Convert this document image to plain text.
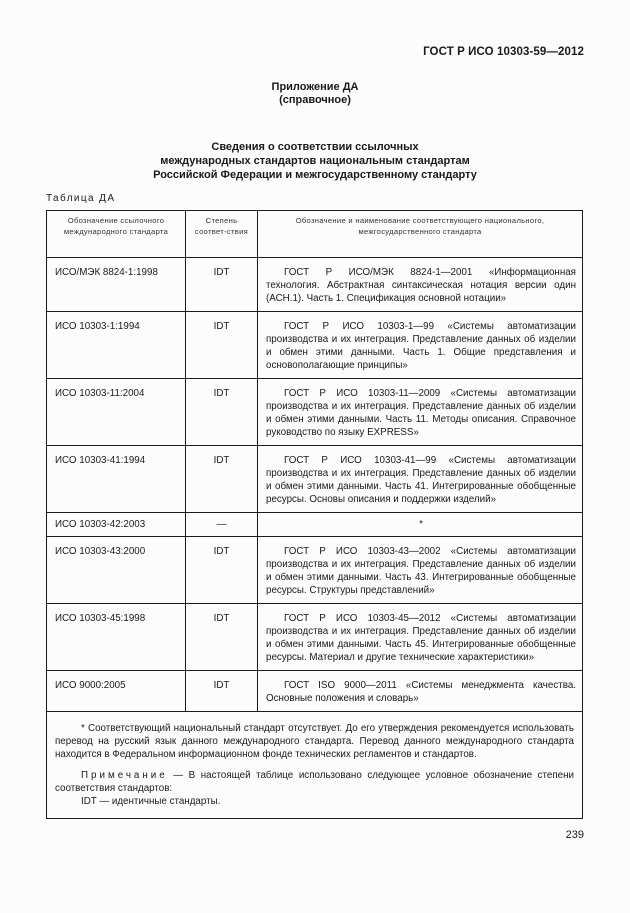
ГОСТ Р ИСО 10303-59—2012
Приложение ДА
(справочное)
Сведения о соответствии ссылочных
международных стандартов национальным стандартам
Российской Федерации и межгосударственному стандарту
Таблица ДА
Обозначение ссылочного международного стандарта	Степень соответ-ствия	Обозначение и наименование соответствующего национального, межгосударственного стандарта
ИСО/МЭК 8824-1:1998	IDT	ГОСТ Р ИСО/МЭК 8824-1—2001 «Информационная технология. Абстрактная синтаксическая нотация версии один (АСН.1). Часть 1. Спецификация основной нотации»

ИСО 10303-1:1994	IDT	ГОСТ Р ИСО 10303-1—99 «Системы автоматизации производства и их интеграция. Представление данных об изделии и обмен этими данными. Часть 1. Общие представления и основополагающие принципы»

ИСО 10303-11:2004	IDT	ГОСТ Р ИСО 10303-11—2009 «Системы автоматизации производства и их интеграция. Представление данных об изделии и обмен этими данными. Часть 11. Методы описания. Справочное руководство по языку EXPRESS»

ИСО 10303-41:1994	IDT	ГОСТ Р ИСО 10303-41—99 «Системы автоматизации производства и их интеграция. Представление данных об изделии и обмен этими данными. Часть 41. Интегрированные обобщенные ресурсы. Основы описания и поддержки изделий»

ИСО 10303-42:2003	—	*
ИСО 10303-43:2000	IDT	ГОСТ Р ИСО 10303-43—2002 «Системы автоматизации производства и их интеграция. Представление данных об изделии и обмен этими данными. Часть 43. Интегрированные обобщенные ресурсы. Структуры представлений»

ИСО 10303-45:1998	IDT	ГОСТ Р ИСО 10303-45—2012 «Системы автоматизации производства и их интеграция. Представление данных об изделии и обмен этими данными. Часть 45. Интегрированные обобщенные ресурсы. Материал и другие технические характеристики»

ИСО 9000:2005	IDT	ГОСТ ISO 9000—2011 «Системы менеджмента качества. Основные положения и словарь»

* Соответствующий национальный стандарт отсутствует. До его утверждения рекомендуется использовать перевод на русский язык данного международного стандарта. Перевод данного международного стандарта находится в Федеральном информационном фонде технических регламентов и стандартов.

Примечание — В настоящей таблице использовано следующее условное обозначение степени соответствия стандартов:

IDT — идентичные стандарты.		

239
